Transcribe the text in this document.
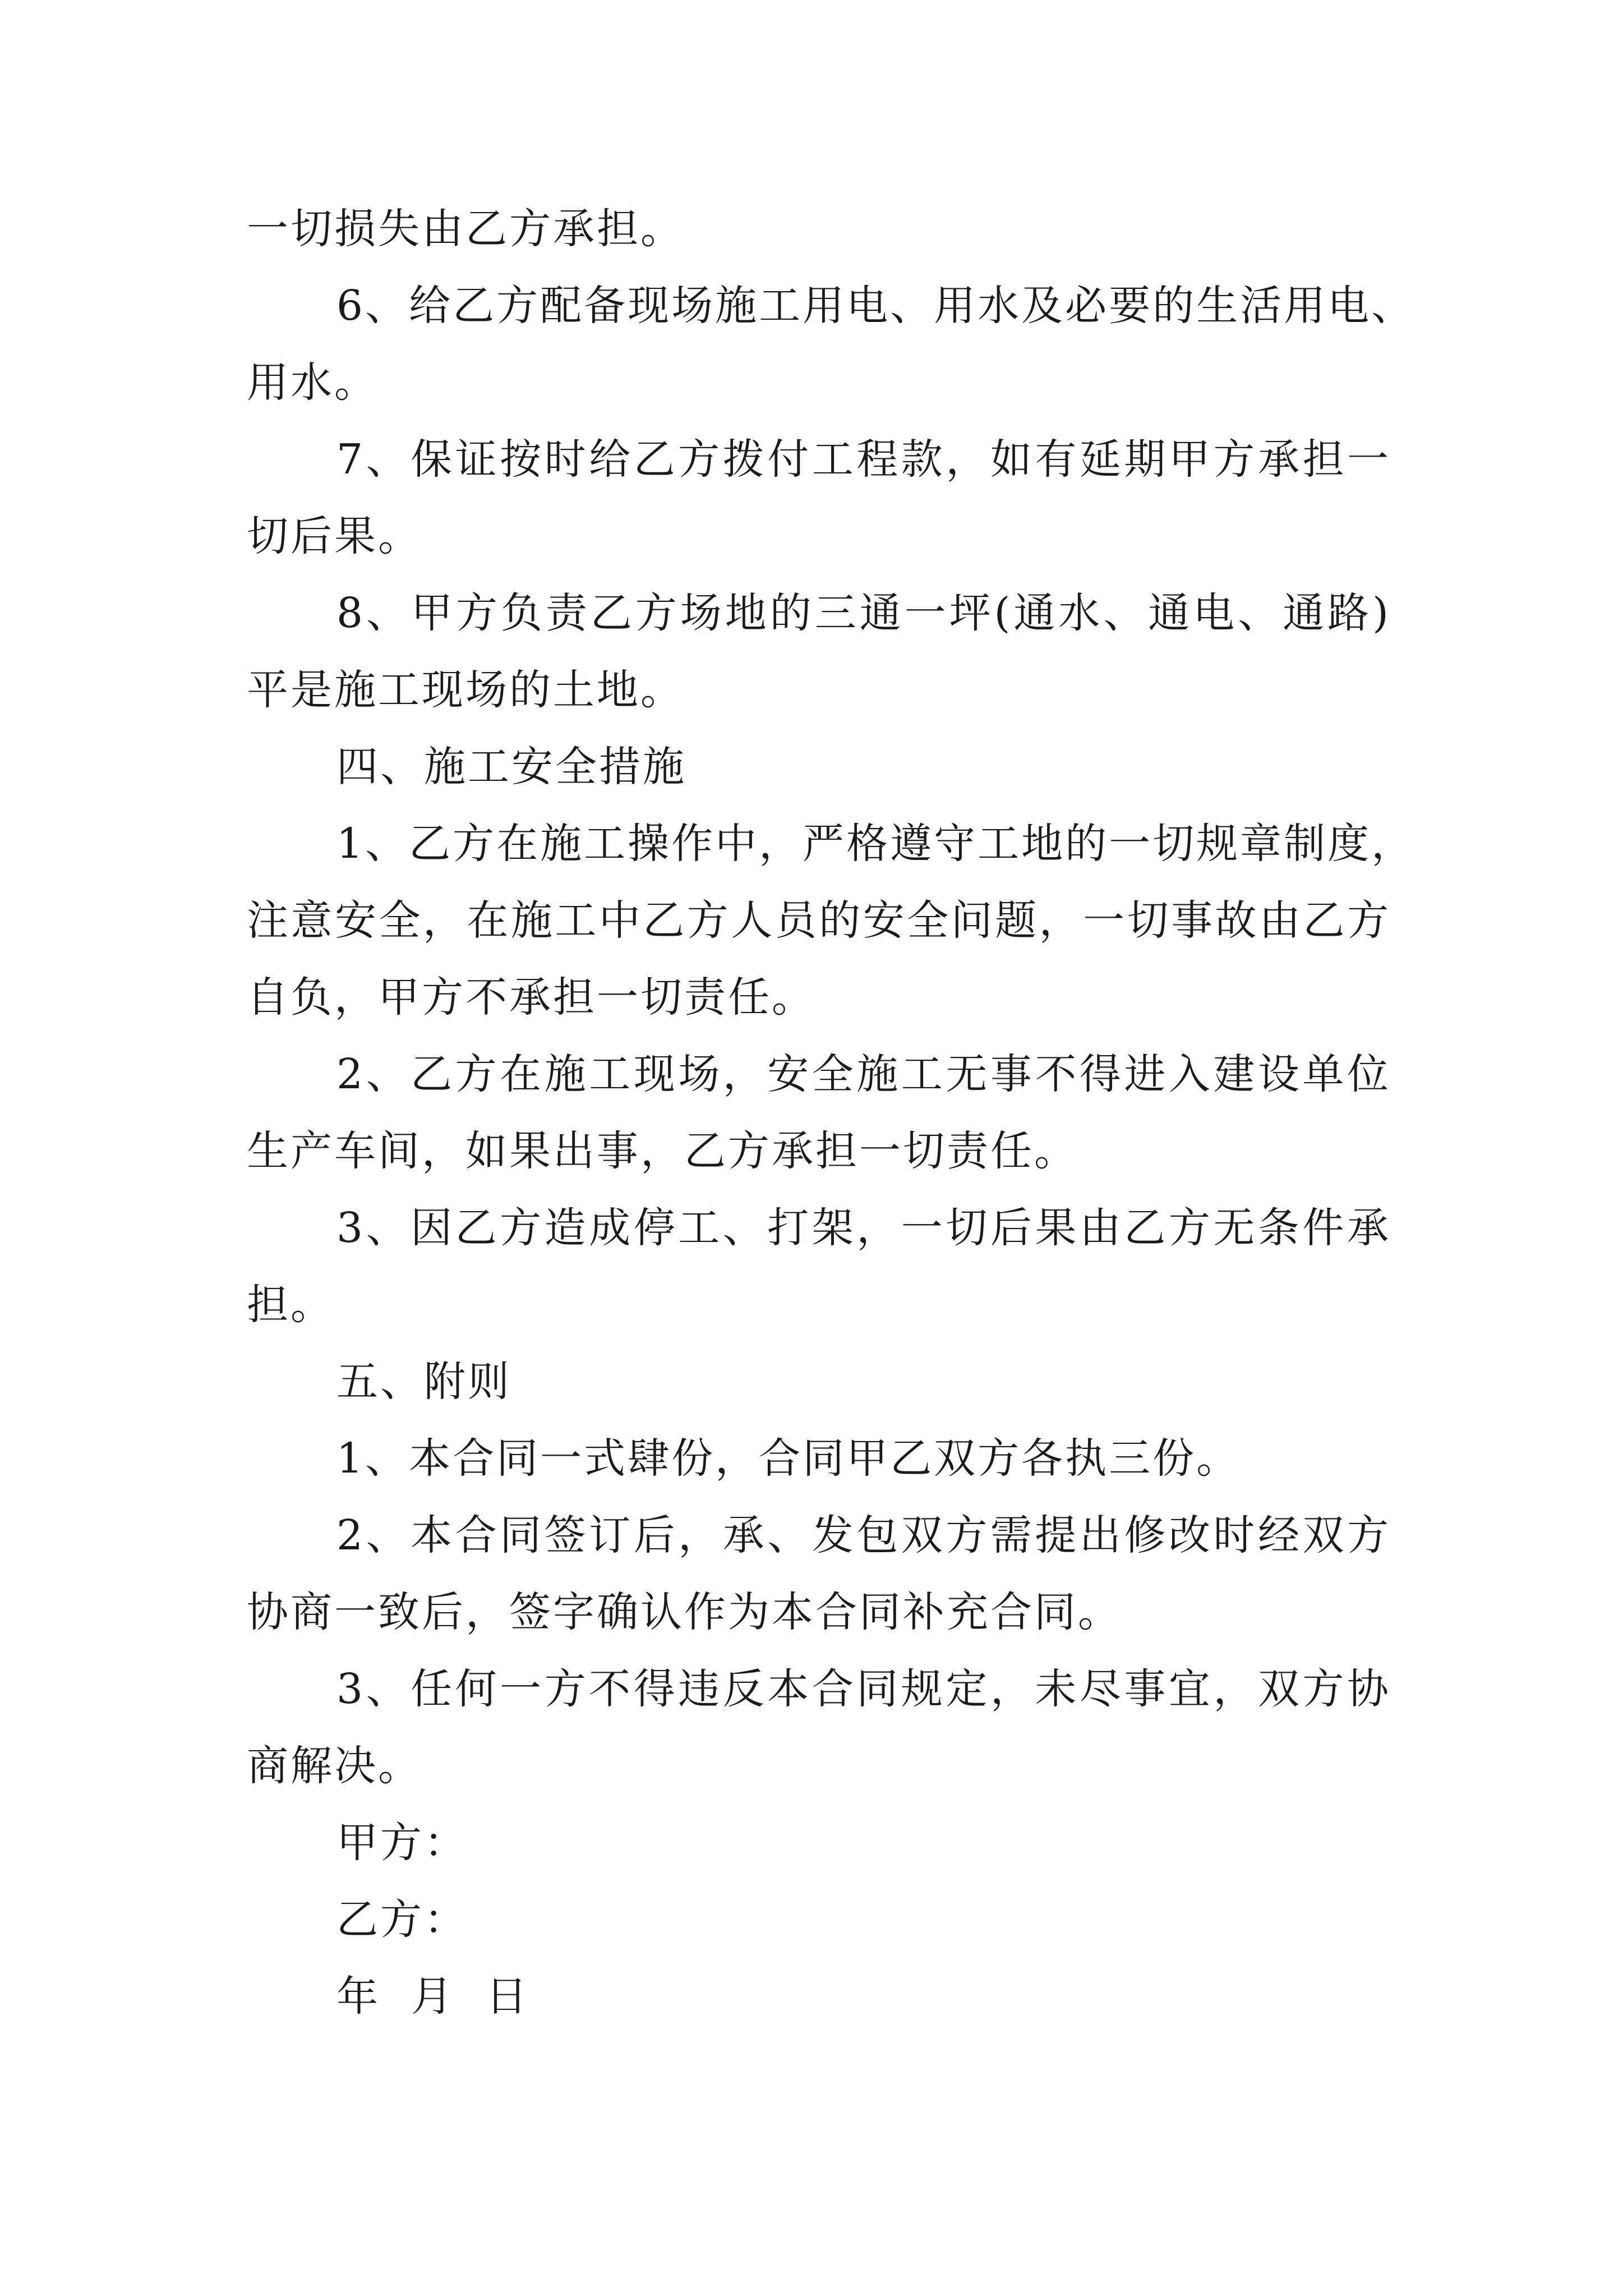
一切损失由乙方承担。
6、给乙方配备现场施工用电、用水及必要的生活用电、
用水。
7、保证按时给乙方拨付工程款，如有延期甲方承担一
切后果。
8、甲方负责乙方场地的三通一坪(通水、通电、通路)
平是施工现场的土地。
四、施工安全措施
1、乙方在施工操作中，严格遵守工地的一切规章制度，
注意安全，在施工中乙方人员的安全问题，一切事故由乙方
自负，甲方不承担一切责任。
2、乙方在施工现场，安全施工无事不得进入建设单位
生产车间，如果出事，乙方承担一切责任。
3、因乙方造成停工、打架，一切后果由乙方无条件承
担。
五、附则
1、本合同一式肆份，合同甲乙双方各执三份。
2、本合同签订后，承、发包双方需提出修改时经双方
协商一致后，签字确认作为本合同补充合同。
3、任何一方不得违反本合同规定，未尽事宜，双方协
商解决。
甲方：
乙方：
年  月  日
